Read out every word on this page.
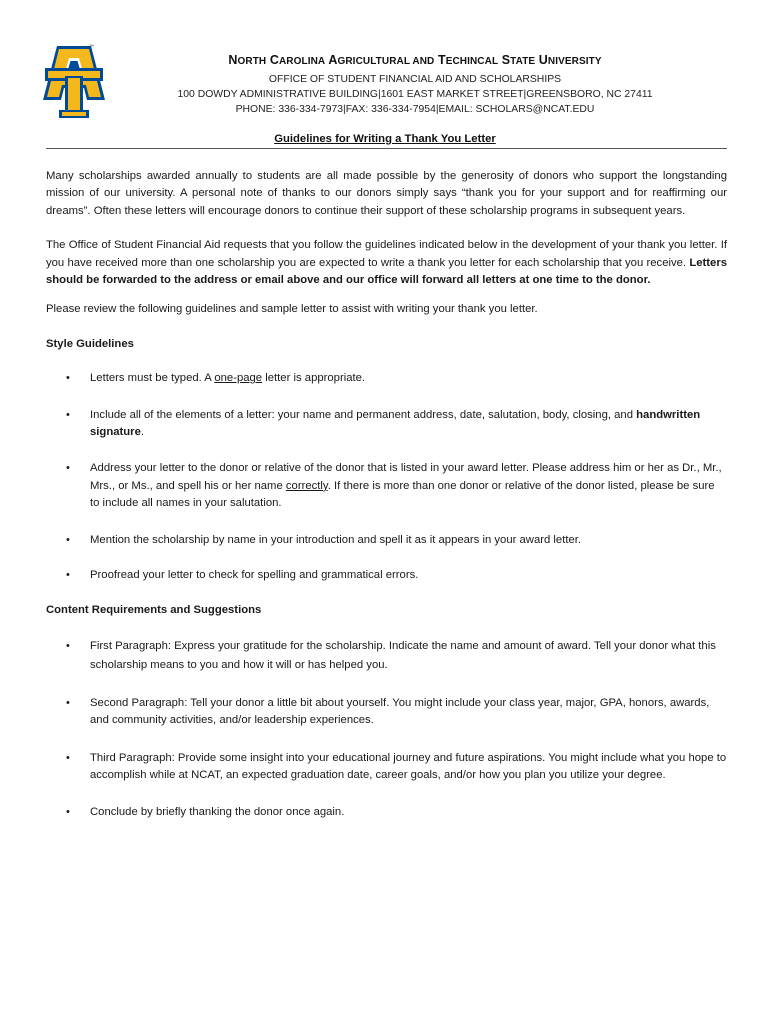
™

NORTH CAROLINA AGRICULTURAL AND TECHINCAL STATE UNIVERSITY

OFFICE OF STUDENT FINANCIAL AID AND SCHOLARSHIPS

100 DOWDY ADMINISTRATIVE BUILDING|1601 EAST MARKET STREET|GREENSBORO, NC 27411

PHONE: 336-334-7973|FAX: 336-334-7954|EMAIL: SCHOLARS@NCAT.EDU

Guidelines for Writing a Thank You Letter

Many scholarships awarded annually to students are all made possible by the generosity of donors who support the longstanding mission of our university. A personal note of thanks to our donors simply says “thank you for your support and for reaffirming our dreams”. Often these letters will encourage donors to continue their support of these scholarship programs in subsequent years.

The Office of Student Financial Aid requests that you follow the guidelines indicated below in the development of your thank you letter. If you have received more than one scholarship you are expected to write a thank you letter for each scholarship that you receive. Letters should be forwarded to the address or email above and our office will forward all letters at one time to the donor.

Please review the following guidelines and sample letter to assist with writing your thank you letter.

Style Guidelines

• Letters must be typed. A one-page letter is appropriate.
• Include all of the elements of a letter: your name and permanent address, date, salutation, body, closing, and handwritten signature.
• Address your letter to the donor or relative of the donor that is listed in your award letter. Please address him or her as Dr., Mr., Mrs., or Ms., and spell his or her name correctly. If there is more than one donor or relative of the donor listed, please be sure to include all names in your salutation.
• Mention the scholarship by name in your introduction and spell it as it appears in your award letter.
• Proofread your letter to check for spelling and grammatical errors.

Content Requirements and Suggestions

• First Paragraph: Express your gratitude for the scholarship. Indicate the name and amount of award. Tell your donor what this scholarship means to you and how it will or has helped you.
• Second Paragraph: Tell your donor a little bit about yourself. You might include your class year, major, GPA, honors, awards, and community activities, and/or leadership experiences.
• Third Paragraph: Provide some insight into your educational journey and future aspirations. You might include what you hope to accomplish while at NCAT, an expected graduation date, career goals, and/or how you plan you utilize your degree.
• Conclude by briefly thanking the donor once again.
